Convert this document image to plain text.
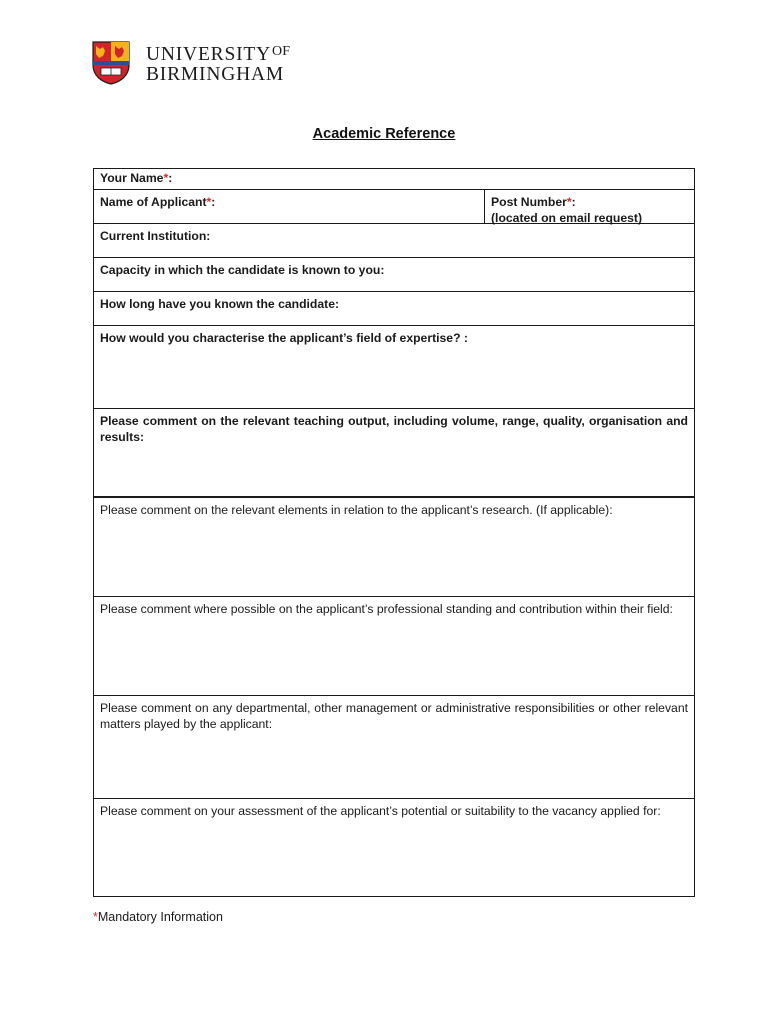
$UNIVERSITY^{OF}$
BIRMINGHAM
Academic Reference
Your Name*:
Name of Applicant*:	Post Number*:
(located on email request)
Current Institution:
Capacity in which the candidate is known to you:
How long have you known the candidate:
How would you characterise the applicant’s field of expertise? :
Please comment on the relevant teaching output, including volume, range, quality, organisation and results:
Please comment on the relevant elements in relation to the applicant’s research. (If applicable):
Please comment where possible on the applicant’s professional standing and contribution within their field:
Please comment on any departmental, other management or administrative responsibilities or other relevant matters played by the applicant:
Please comment on your assessment of the applicant’s potential or suitability to the vacancy applied for:
*Mandatory Information
